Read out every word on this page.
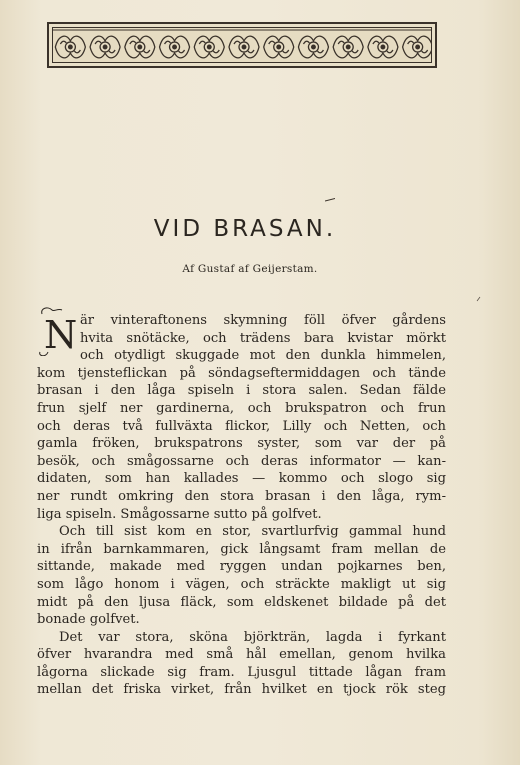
VID BRASAN.
Af Gustaf af Geijerstam.
N är vinteraftonens skymning föll öfver gårdens
hvita snötäcke, och trädens bara kvistar mörkt
och otydligt skuggade mot den dunkla himmelen,
kom tjensteflickan på söndagseftermiddagen och tände
brasan i den låga spiseln i stora salen. Sedan fälde
frun sjelf ner gardinerna, och brukspatron och frun
och deras två fullväxta flickor, Lilly och Netten, och
gamla fröken, brukspatrons syster, som var der på
besök, och smågossarne och deras informator — kan-
didaten, som han kallades — kommo och slogo sig
ner rundt omkring den stora brasan i den låga, rym-
liga spiseln. Smågossarne sutto på golfvet.
Och till sist kom en stor, svartlurfvig gammal hund
in ifrån barnkammaren, gick långsamt fram mellan de
sittande, makade med ryggen undan pojkarnes ben,
som lågo honom i vägen, och sträckte makligt ut sig
midt på den ljusa fläck, som eldskenet bildade på det
bonade golfvet.
Det var stora, sköna björkträn, lagda i fyrkant
öfver hvarandra med små hål emellan, genom hvilka
lågorna slickade sig fram. Ljusgul tittade lågan fram
mellan det friska virket, från hvilket en tjock rök steg
